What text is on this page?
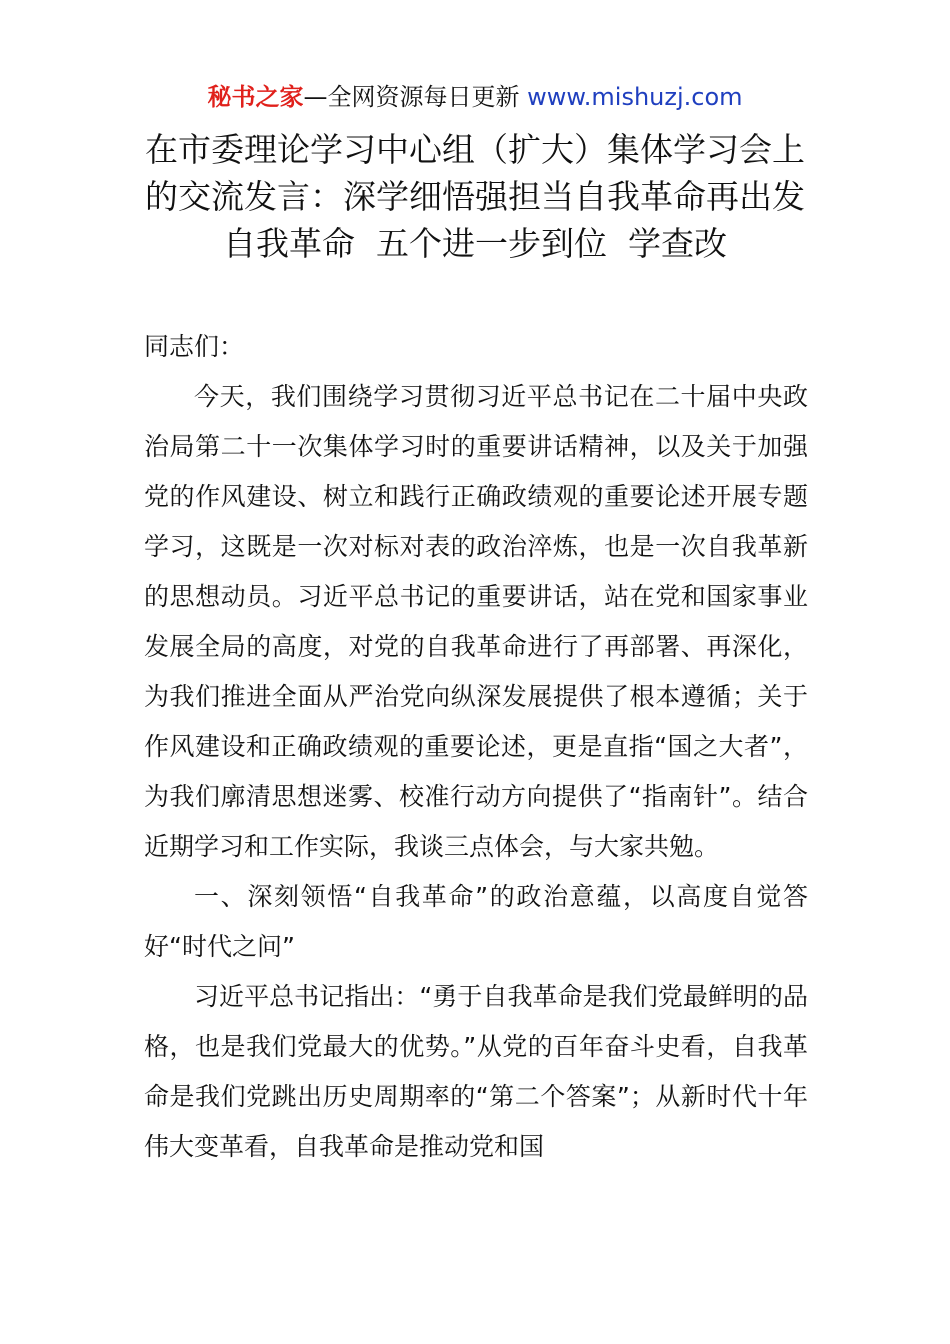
秘书之家—全网资源每日更新 www.mishuzj.com
在市委理论学习中心组（扩大）集体学习会上
的交流发言：深学细悟强担当自我革命再出发
自我革命  五个进一步到位  学查改

同志们：

今天，我们围绕学习贯彻习近平总书记在二十届中央政治局第二十一次集体学习时的重要讲话精神，以及关于加强党的作风建设、树立和践行正确政绩观的重要论述开展专题学习，这既是一次对标对表的政治淬炼，也是一次自我革新的思想动员。习近平总书记的重要讲话，站在党和国家事业发展全局的高度，对党的自我革命进行了再部署、再深化，为我们推进全面从严治党向纵深发展提供了根本遵循；关于作风建设和正确政绩观的重要论述，更是直指“国之大者”，为我们廓清思想迷雾、校准行动方向提供了“指南针”。结合近期学习和工作实际，我谈三点体会，与大家共勉。

一、深刻领悟“自我革命”的政治意蕴，以高度自觉答好“时代之问”

习近平总书记指出：“勇于自我革命是我们党最鲜明的品格，也是我们党最大的优势。”从党的百年奋斗史看，自我革命是我们党跳出历史周期率的“第二个答案”；从新时代十年伟大变革看，自我革命是推动党和国
